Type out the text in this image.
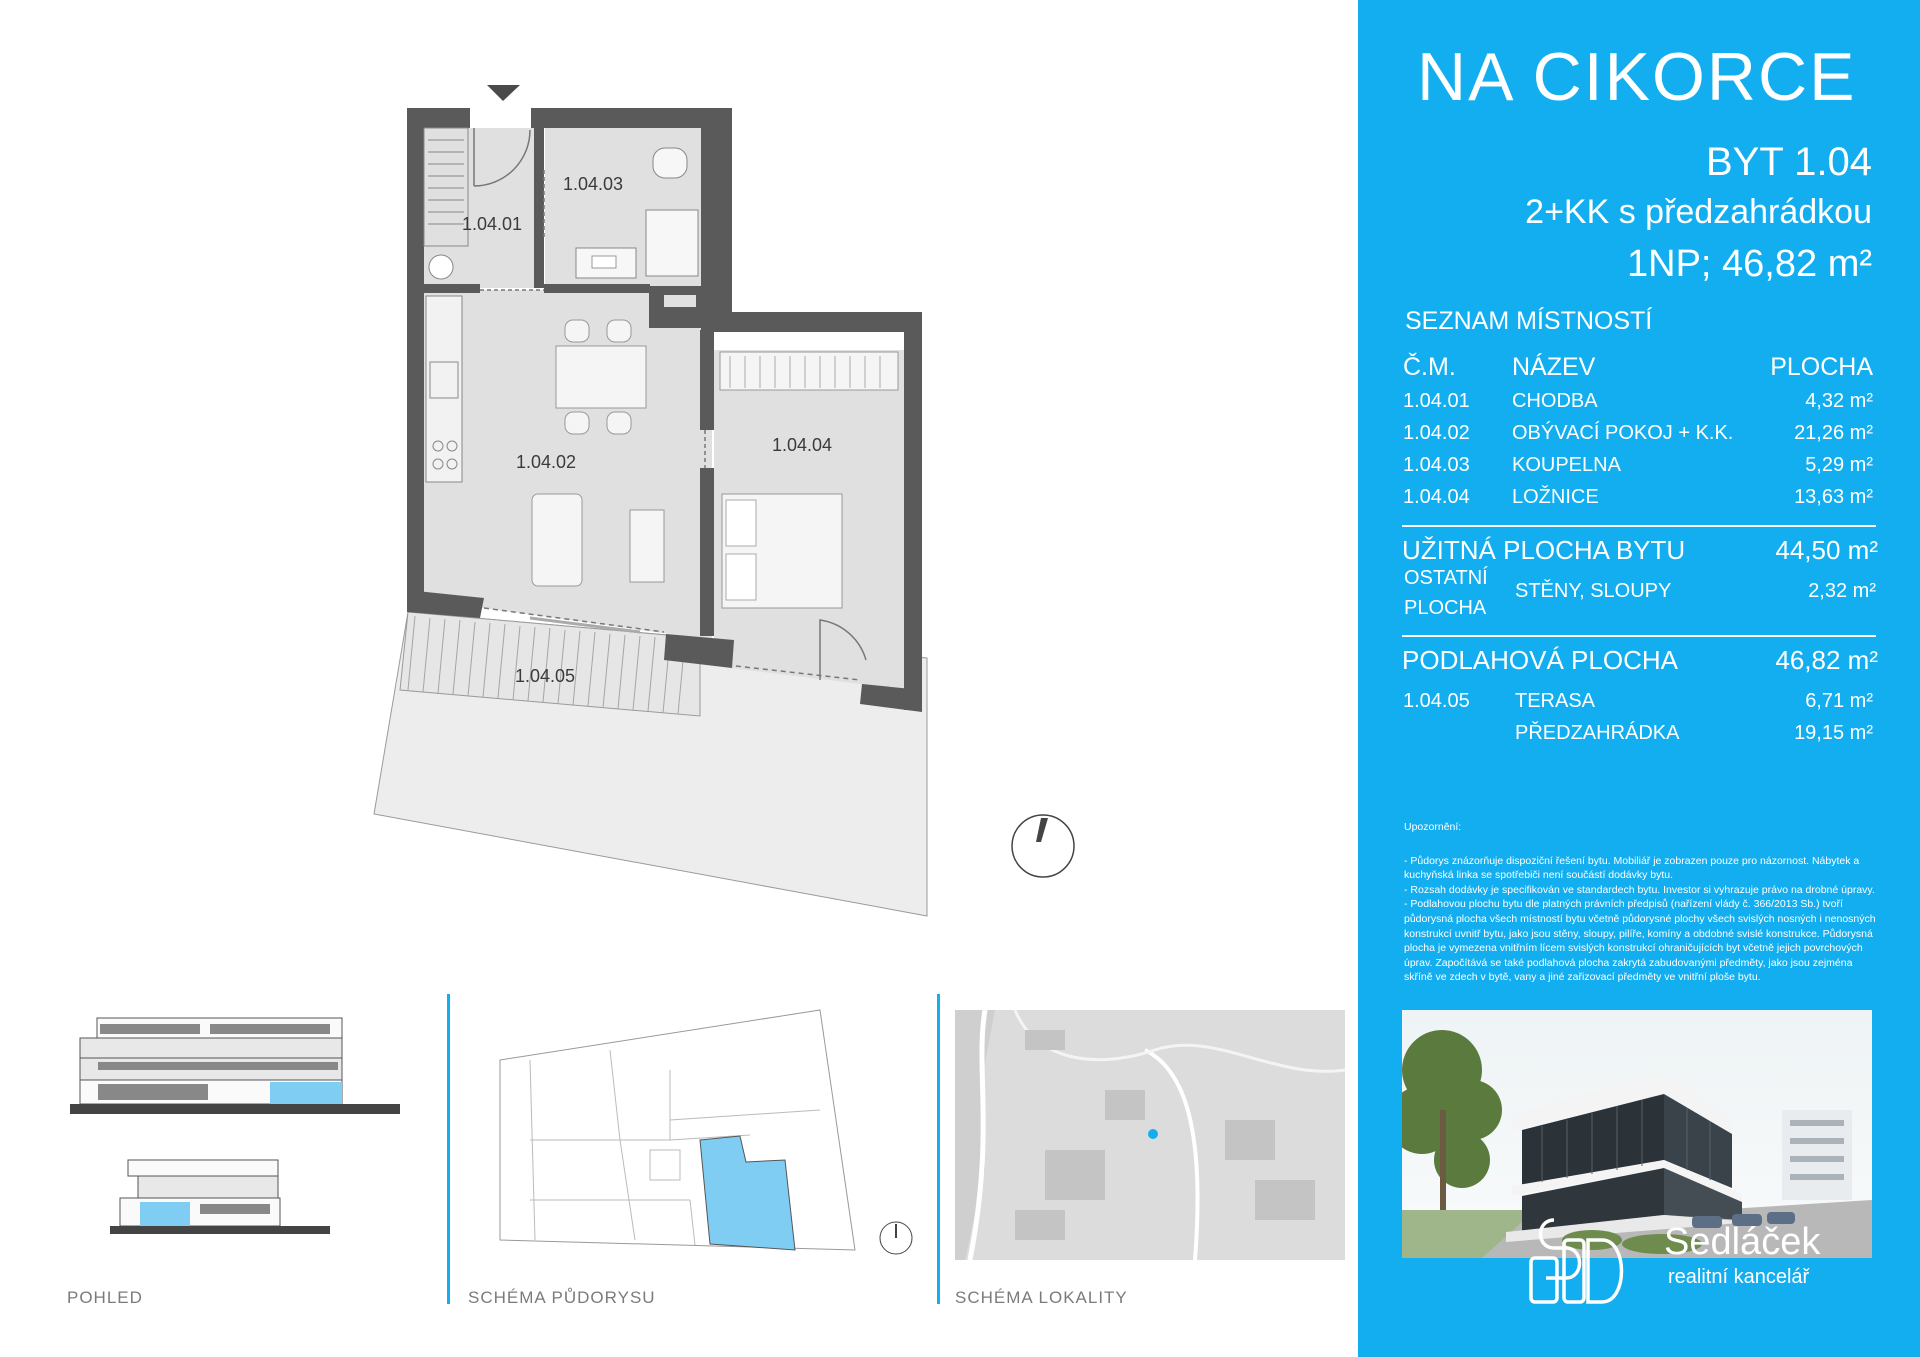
1.04.01
1.04.03
1.04.02
1.04.04
1.04.05
POHLED	SCHÉMA PŮDORYSU	SCHÉMA LOKALITY
NA CIKORCE
BYT 1.04
2+KK s předzahrádkou
1NP; 46,82 m²
SEZNAM MÍSTNOSTÍ
Č.M. NÁZEV	PLOCHA
1.04.01 CHODBA	4,32 m²
1.04.02 OBÝVACÍ POKOJ + K.K.	21,26 m²
1.04.03 KOUPELNA	5,29 m²
1.04.04 LOŽNICE	13,63 m²
UŽITNÁ PLOCHA BYTU	44,50 m²
OSTATNÍ
PLOCHA
STĚNY, SLOUPY	2,32 m²
PODLAHOVÁ PLOCHA	46,82 m²
1.04.05 TERASA	6,71 m²
PŘEDZAHRÁDKA	19,15 m²

Upozornění:

- Půdorys znázorňuje dispoziční řešení bytu. Mobiliář je zobrazen pouze pro názornost. Nábytek a kuchyňská linka se spotřebiči není součástí dodávky bytu.

- Rozsah dodávky je specifikován ve standardech bytu. Investor si vyhrazuje právo na drobné úpravy.

- Podlahovou plochu bytu dle platných právních předpisů (nařízení vlády č. 366/2013 Sb.) tvoří půdorysná plocha všech místností bytu včetně půdorysné plochy všech svislých nosných i nenosných konstrukcí uvnitř bytu, jako jsou stěny, sloupy, pilíře, komíny a obdobné svislé konstrukce. Půdorysná plocha je vymezena vnitřním lícem svislých konstrukcí ohraničujících byt včetně jejich povrchových úprav. Započítává se také podlahová plocha zakrytá zabudovanými předměty, jako jsou zejména skříně ve zdech v bytě, vany a jiné zařizovací předměty ve vnitřní ploše bytu.

Sedláček
realitní kancelář
